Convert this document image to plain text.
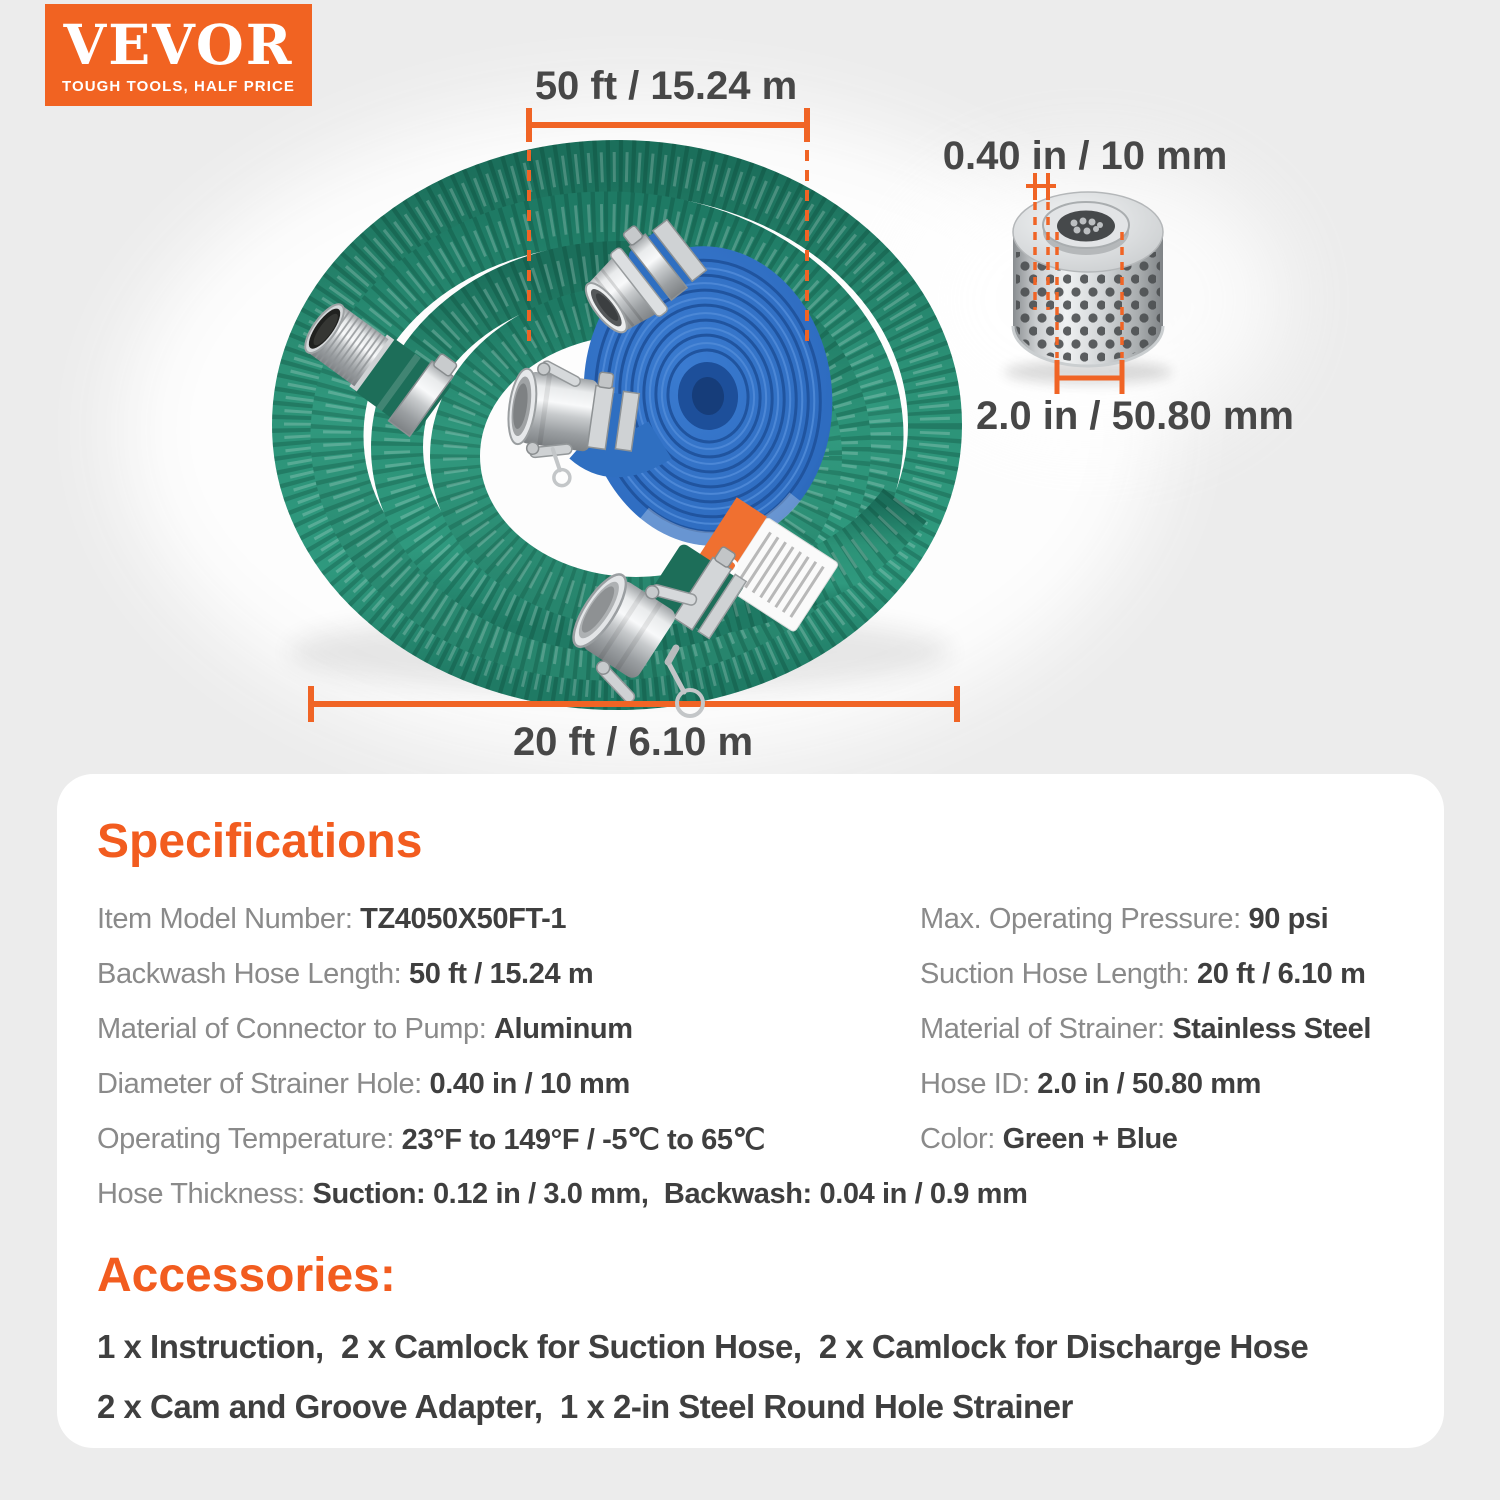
VEVOR
TOUGH TOOLS, HALF PRICE	50 ft / 15.24 m
0.40 in / 10 mm
2.0 in / 50.80 mm
20 ft / 6.10 m
Specifications
Item Model Number: TZ4050X50FT-1	Max. Operating Pressure: 90 psi
Backwash Hose Length: 50 ft / 15.24 m	Suction Hose Length: 20 ft / 6.10 m
Material of Connector to Pump: Aluminum	Material of Strainer: Stainless Steel
Diameter of Strainer Hole: 0.40 in / 10 mm	Hose ID: 2.0 in / 50.80 mm
Operating Temperature: 23°F to 149°F / -5℃ to 65℃	Color: Green + Blue
Hose Thickness: Suction: 0.12 in / 3.0 mm,  Backwash: 0.04 in / 0.9 mm
Accessories:

1 x Instruction,  2 x Camlock for Suction Hose,  2 x Camlock for Discharge Hose

2 x Cam and Groove Adapter,  1 x 2-in Steel Round Hole Strainer
